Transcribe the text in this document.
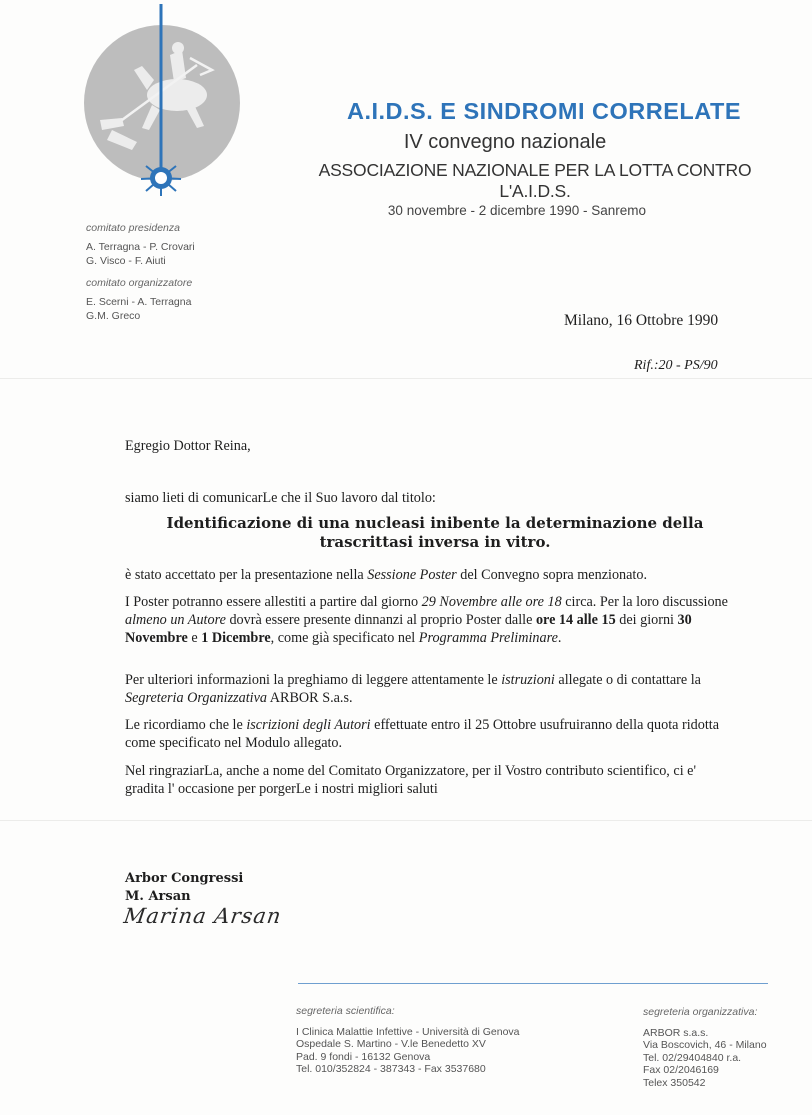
A.I.D.S. E SINDROMI CORRELATE
IV convegno nazionale
ASSOCIAZIONE NAZIONALE PER LA LOTTA CONTRO L'A.I.D.S.
30 novembre - 2 dicembre 1990 - Sanremo
comitato presidenza
A. Terragna - P. Crovari
G. Visco - F. Aiuti
comitato organizzatore
E. Scerni - A. Terragna
G.M. Greco	Milano, 16 Ottobre 1990
Rif.:20 - PS/90
Egregio Dottor Reina,
siamo lieti di comunicarLe che il Suo lavoro dal titolo:
Identificazione di una nucleasi inibente la determinazione della
trascrittasi inversa in vitro.

è stato accettato per la presentazione nella Sessione Poster del Convegno sopra menzionato.

I Poster potranno essere allestiti a partire dal giorno 29 Novembre alle ore 18 circa. Per la loro discussione almeno un Autore dovrà essere presente dinnanzi al proprio Poster dalle ore 14 alle 15 dei giorni 30 Novembre e 1 Dicembre, come già specificato nel Programma Preliminare.

Per ulteriori informazioni la preghiamo di leggere attentamente le istruzioni allegate o di contattare la Segreteria Organizzativa ARBOR S.a.s.

Le ricordiamo che le iscrizioni degli Autori effettuate entro il 25 Ottobre usufruiranno della quota ridotta come specificato nel Modulo allegato.

Nel ringraziarLa, anche a nome del Comitato Organizzatore, per il Vostro contributo scientifico, ci e' gradita l' occasione per porgerLe i nostri migliori saluti

Arbor Congressi
M. Arsan
Marina Arsan
segreteria scientifica:
I Clinica Malattie Infettive - Università di Genova
Ospedale S. Martino - V.le Benedetto XV
Pad. 9 fondi - 16132 Genova
Tel. 010/352824 - 387343 - Fax 3537680
segreteria organizzativa:
ARBOR s.a.s.
Via Boscovich, 46 - Milano
Tel. 02/29404840 r.a.
Fax 02/2046169
Telex 350542
